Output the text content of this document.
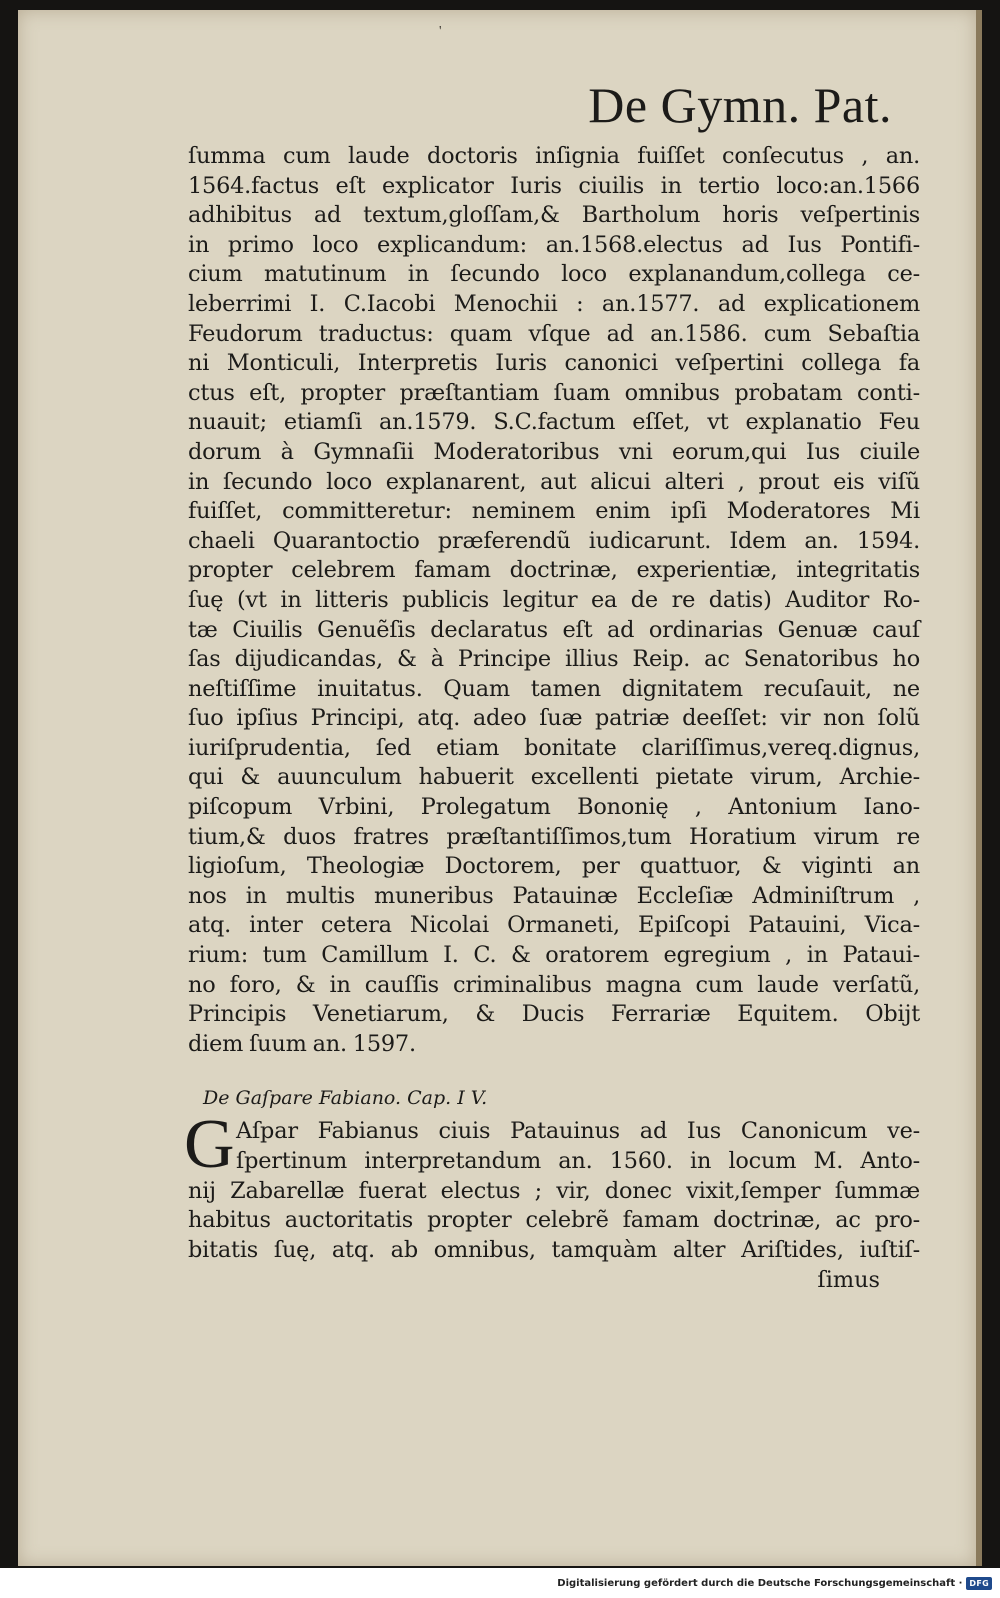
'
De Gymn. Pat.
ſumma cum laude doctoris inſignia fuiſſet conſecutus , an.
1564.factus eſt explicator Iuris ciuilis in tertio loco:an.1566
adhibitus ad textum,gloſſam,& Bartholum horis veſpertinis
in primo loco explicandum: an.1568.electus ad Ius Pontifi-
cium matutinum in ſecundo loco explanandum,collega ce-
leberrimi I. C.Iacobi Menochii : an.1577. ad explicationem
Feudorum traductus: quam vſque ad an.1586. cum Sebaſtia
ni Monticuli, Interpretis Iuris canonici veſpertini collega fa
ctus eſt, propter præſtantiam ſuam omnibus probatam conti-
nuauit; etiamſi an.1579. S.C.factum eſſet, vt explanatio Feu
dorum à Gymnaſii Moderatoribus vni eorum,qui Ius ciuile
in ſecundo loco explanarent, aut alicui alteri , prout eis viſũ
fuiſſet, committeretur: neminem enim ipſi Moderatores Mi
chaeli Quarantoctio præferendũ iudicarunt. Idem an. 1594.
propter celebrem famam doctrinæ, experientiæ, integritatis
ſuę (vt in litteris publicis legitur ea de re datis) Auditor Ro-
tæ Ciuilis Genuẽſis declaratus eſt ad ordinarias Genuæ cauſ
ſas dijudicandas, & à Principe illius Reip. ac Senatoribus ho
neſtiſſime inuitatus. Quam tamen dignitatem recuſauit, ne
ſuo ipſius Principi, atq. adeo ſuæ patriæ deeſſet: vir non ſolũ
iuriſprudentia, ſed etiam bonitate clariſſimus,vereq.dignus,
qui & auunculum habuerit excellenti pietate virum, Archie-
piſcopum Vrbini, Prolegatum Bononię , Antonium Iano-
tium,& duos fratres præſtantiſſimos,tum Horatium virum re
ligioſum, Theologiæ Doctorem, per quattuor, & viginti an
nos in multis muneribus Patauinæ Eccleſiæ Adminiſtrum ,
atq. inter cetera Nicolai Ormaneti, Epiſcopi Patauini, Vica-
rium: tum Camillum I. C. & oratorem egregium , in Pataui-
no foro, & in cauſſis criminalibus magna cum laude verſatũ,
Principis Venetiarum, & Ducis Ferrariæ Equitem. Obijt
diem ſuum an. 1597.
De Gaſpare Fabiano. Cap. I V.
G Aſpar Fabianus ciuis Patauinus ad Ius Canonicum ve-
ſpertinum interpretandum an. 1560. in locum M. Anto-
nij Zabarellæ fuerat electus ; vir, donec vixit,ſemper ſummæ
habitus auctoritatis propter celebrẽ famam doctrinæ, ac pro-
bitatis ſuę, atq. ab omnibus, tamquàm alter Ariſtides, iuſtiſ-
ſimus
Digitalisierung gefördert durch die Deutsche Forschungsgemeinschaft · DFG
